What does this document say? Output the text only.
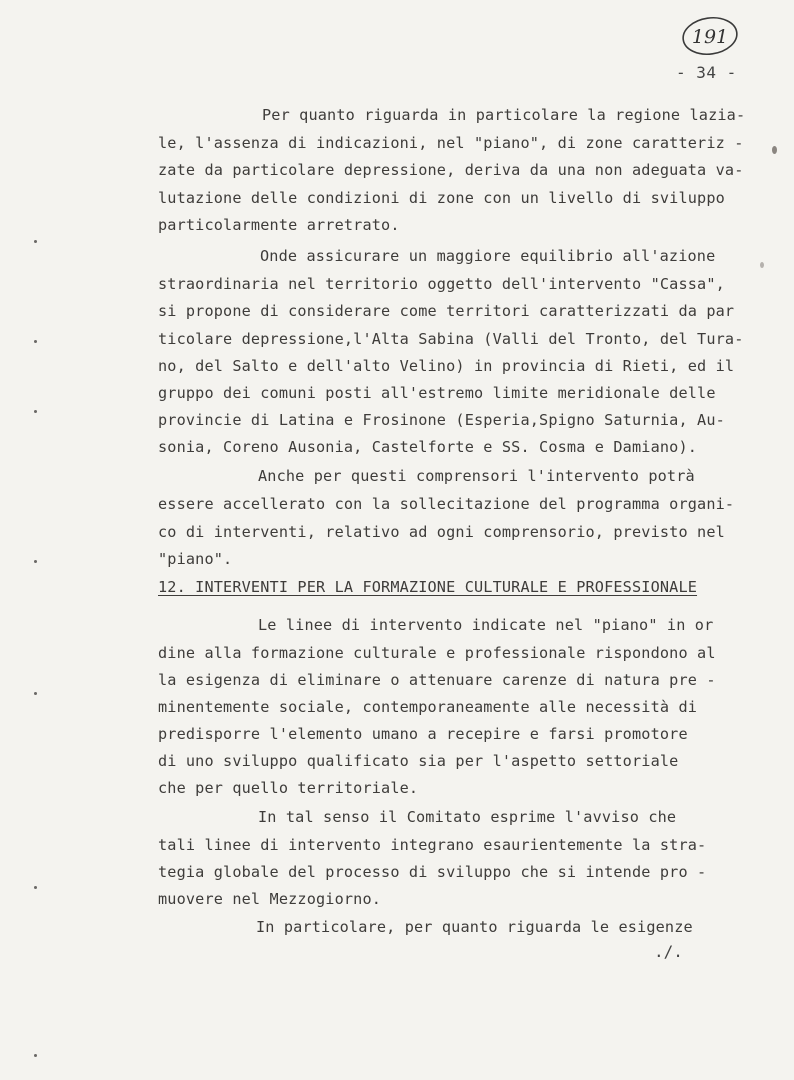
191
- 34 -
Per quanto riguarda in particolare la regione lazia-
le, l'assenza di indicazioni, nel "piano", di zone caratteriz -
zate da particolare depressione, deriva da una non adeguata va-
lutazione delle condizioni di zone con un livello di sviluppo
particolarmente arretrato.
Onde assicurare un maggiore equilibrio all'azione
straordinaria nel territorio oggetto dell'intervento "Cassa",
si propone di considerare come territori caratterizzati da par
ticolare depressione,l'Alta Sabina (Valli del Tronto, del Tura-
no, del Salto e dell'alto Velino) in provincia di Rieti, ed il
gruppo dei comuni posti all'estremo limite meridionale delle
provincie di Latina e Frosinone (Esperia,Spigno Saturnia, Au-
sonia, Coreno Ausonia, Castelforte e SS. Cosma e Damiano).
Anche per questi comprensori l'intervento potrà
essere accellerato con la sollecitazione del programma organi-
co di interventi, relativo ad ogni comprensorio, previsto nel
"piano".
12. INTERVENTI PER LA FORMAZIONE CULTURALE E PROFESSIONALE
Le linee di intervento indicate nel "piano" in or
dine alla formazione culturale e professionale rispondono al
la esigenza di eliminare o attenuare carenze di natura pre -
minentemente sociale, contemporaneamente alle necessità di
predisporre l'elemento umano a recepire e farsi promotore
di uno sviluppo qualificato sia per l'aspetto settoriale
che per quello territoriale.
In tal senso il Comitato esprime l'avviso che
tali linee di intervento integrano esaurientemente la stra-
tegia globale del processo di sviluppo che si intende pro -
muovere nel Mezzogiorno.
In particolare, per quanto riguarda le esigenze
./.
